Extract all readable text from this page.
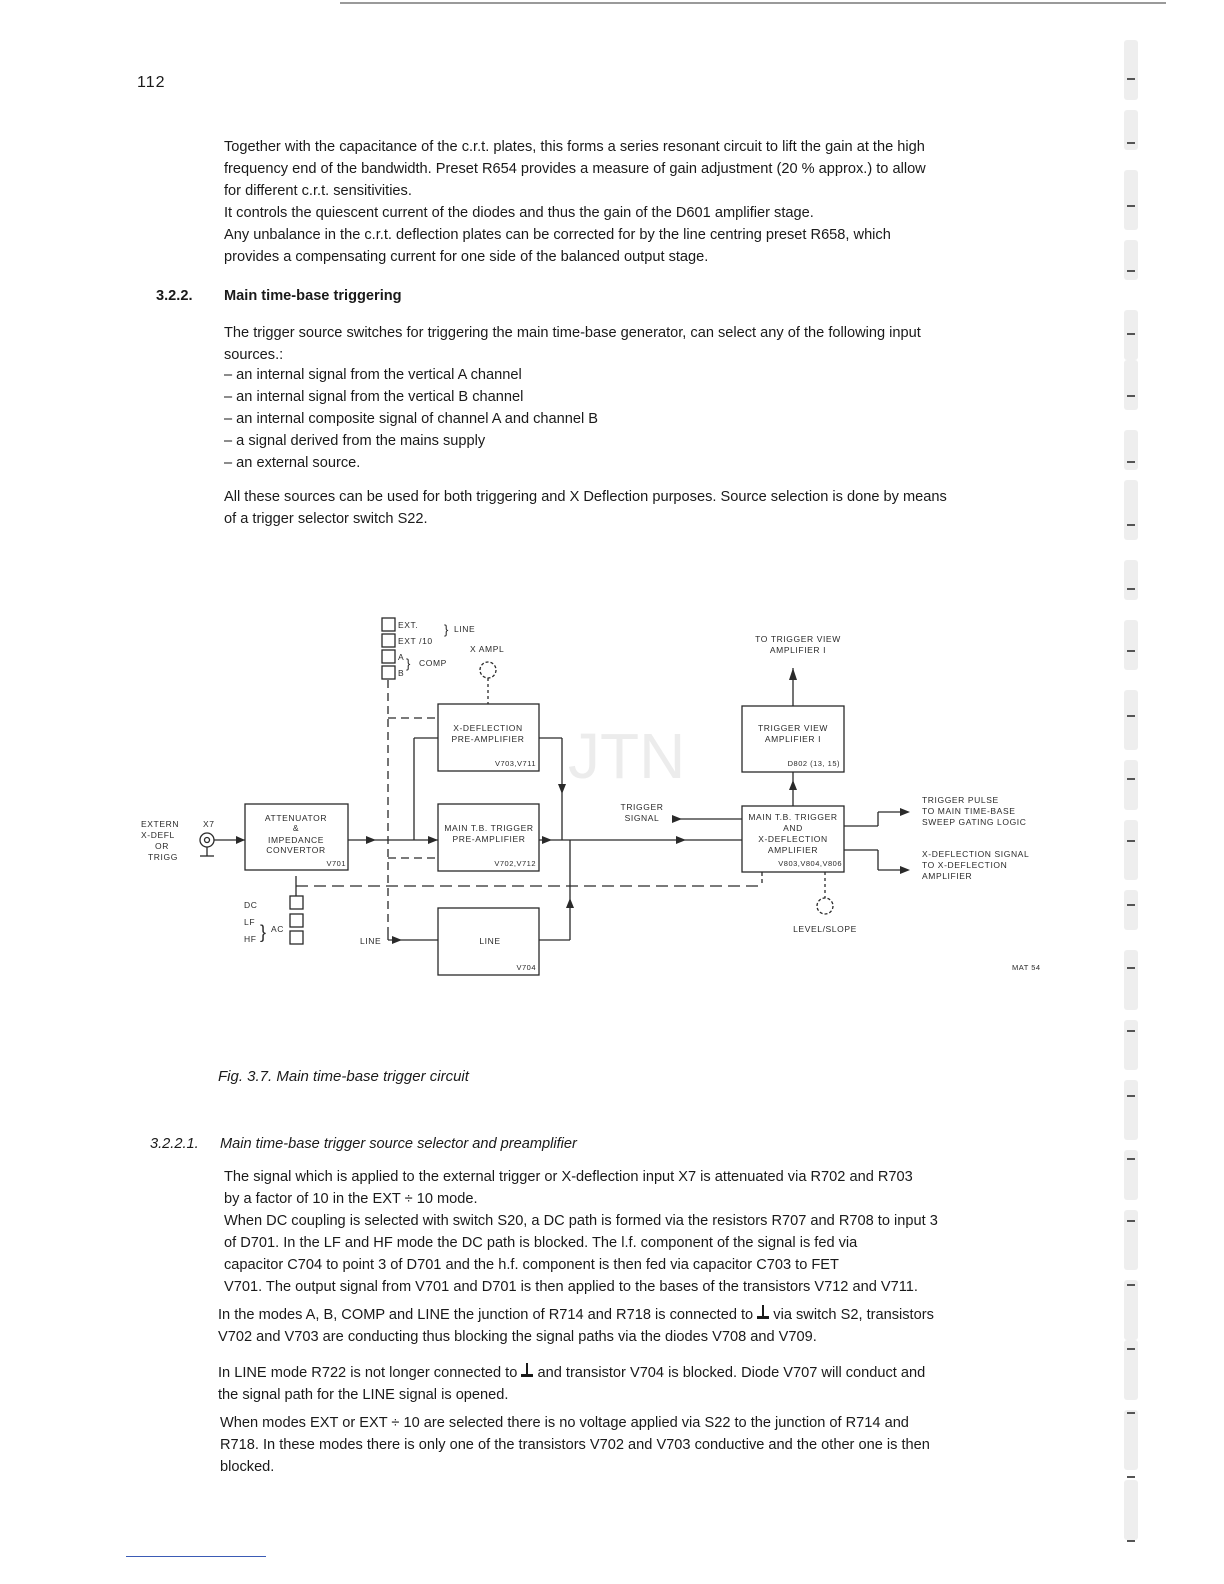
112
Together with the capacitance of the c.r.t. plates, this forms a series resonant circuit to lift the gain at the high
frequency end of the bandwidth. Preset R654 provides a measure of gain adjustment (20 % approx.) to allow
for different c.r.t. sensitivities.
It controls the quiescent current of the diodes and thus the gain of the D601 amplifier stage.
Any unbalance in the c.r.t. deflection plates can be corrected for by the line centring preset R658, which
provides a compensating current for one side of the balanced output stage.
3.2.2. Main time-base triggering
The trigger source switches for triggering the main time-base generator, can select any of the following input
sources.:
– an internal signal from the vertical A channel
– an internal signal from the vertical B channel
– an internal composite signal of channel A and channel B
– a signal derived from the mains supply
– an external source.
All these sources can be used for both triggering and X Deflection purposes. Source selection is done by means
of a trigger selector switch S22.
JTN
EXTERN
X-DEFL
OR
TRIGG
X7
ATTENUATOR
&
IMPEDANCE
CONVERTOR
V701
EXT.
EXT /10
A
B
} LINE
} COMP
X AMPL
X-DEFLECTION
PRE-AMPLIFIER
V703,V711
MAIN T.B. TRIGGER
PRE-AMPLIFIER
V702,V712
LINE
V704
LINE
TRIGGER
SIGNAL
TO TRIGGER VIEW
AMPLIFIER I
TRIGGER VIEW
AMPLIFIER I
D802 (13, 15)
MAIN T.B. TRIGGER
AND
X-DEFLECTION
AMPLIFIER
V803,V804,V806
TRIGGER PULSE
TO MAIN TIME-BASE
SWEEP GATING LOGIC
X-DEFLECTION SIGNAL
TO X-DEFLECTION
AMPLIFIER
LEVEL/SLOPE
DC
LF
HF } AC
MAT 54
Fig. 3.7. Main time-base trigger circuit
3.2.2.1. Main time-base trigger source selector and preamplifier
The signal which is applied to the external trigger or X-deflection input X7 is attenuated via R702 and R703
by a factor of 10 in the EXT ÷ 10 mode.
When DC coupling is selected with switch S20, a DC path is formed via the resistors R707 and R708 to input 3
of D701. In the LF and HF mode the DC path is blocked. The l.f. component of the signal is fed via
capacitor C704 to point 3 of D701 and the h.f. component is then fed via capacitor C703 to FET
V701. The output signal from V701 and D701 is then applied to the bases of the transistors V712 and V711.
In the modes A, B, COMP and LINE the junction of R714 and R718 is connected to via switch S2, transistors
V702 and V703 are conducting thus blocking the signal paths via the diodes V708 and V709.
In LINE mode R722 is not longer connected to and transistor V704 is blocked. Diode V707 will conduct and
the signal path for the LINE signal is opened.
When modes EXT or EXT ÷ 10 are selected there is no voltage applied via S22 to the junction of R714 and
R718. In these modes there is only one of the transistors V702 and V703 conductive and the other one is then
blocked.
